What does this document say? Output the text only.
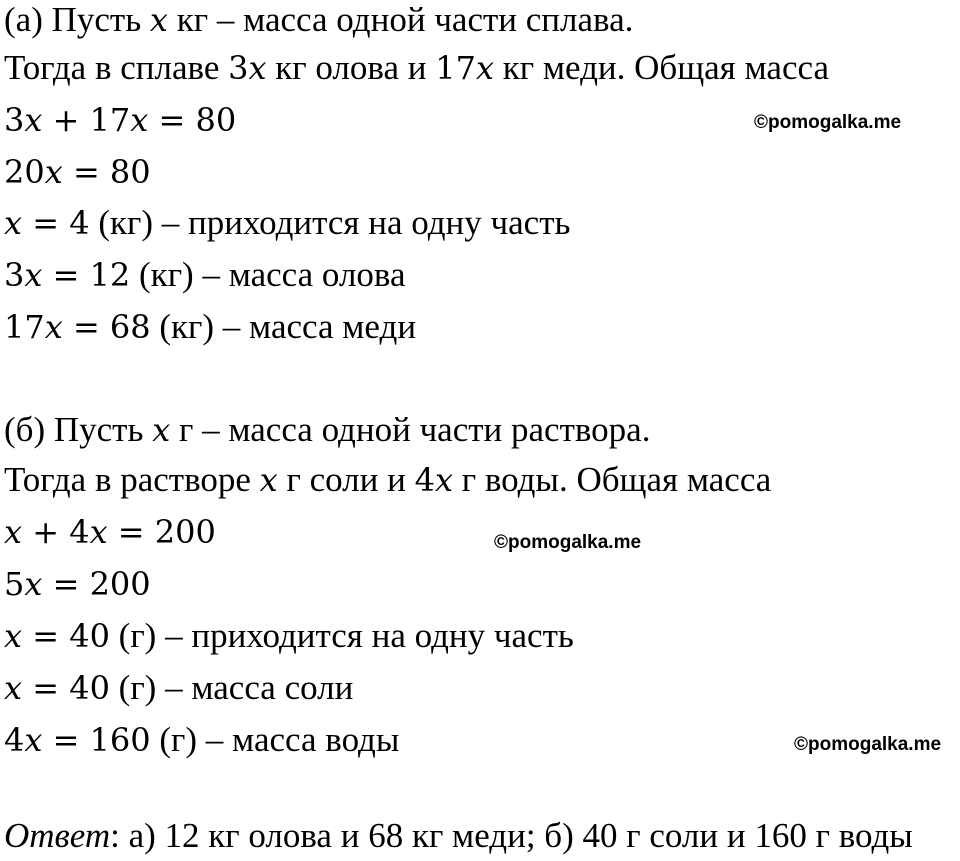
(а) Пусть x кг – масса одной части сплава.
Тогда в сплаве 3x кг олова и 17x кг меди. Общая масса
3x + 17x = 80
20x = 80
x = 4 (кг) – приходится на одну часть
3x = 12 (кг) – масса олова
17x = 68 (кг) – масса меди
(б) Пусть x г – масса одной части раствора.
Тогда в растворе x г соли и 4x г воды. Общая масса
x + 4x = 200
5x = 200
x = 40 (г) – приходится на одну часть
x = 40 (г) – масса соли
4x = 160 (г) – масса воды
Ответ: а) 12 кг олова и 68 кг меди; б) 40 г соли и 160 г воды
©pomogalka.me
©pomogalka.me
©pomogalka.me
